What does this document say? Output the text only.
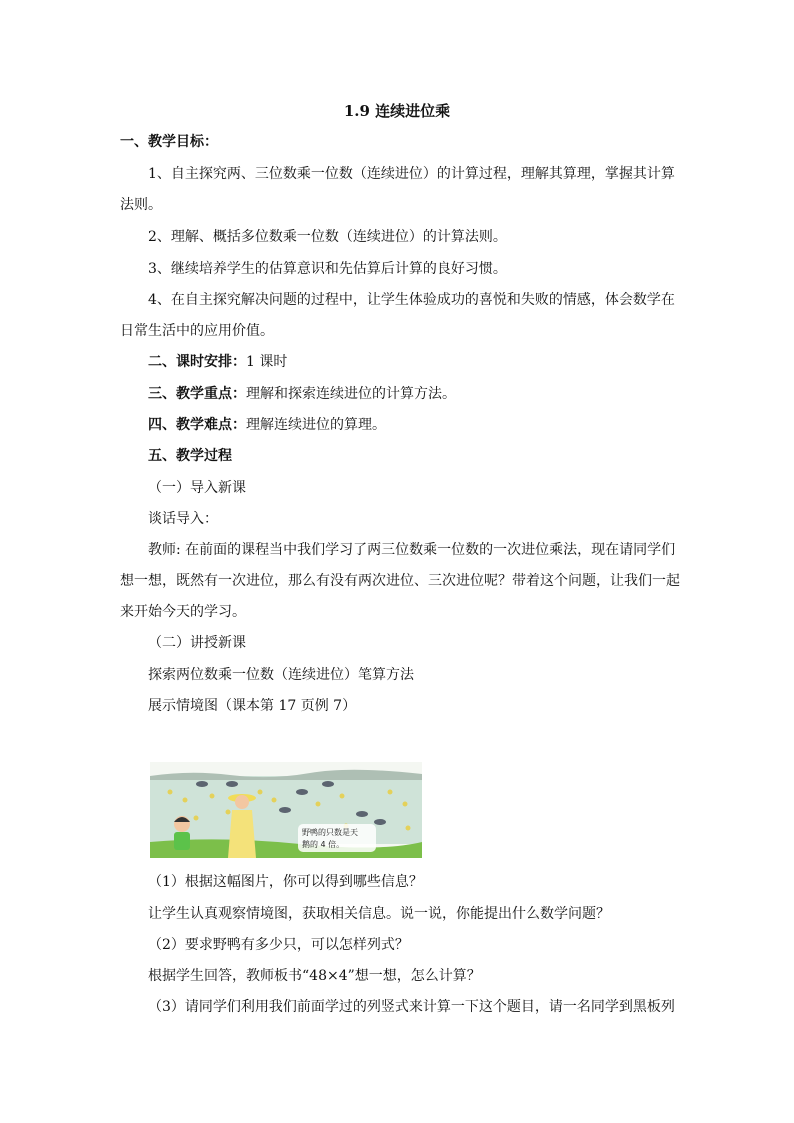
1.9 连续进位乘
一、教学目标：
1、自主探究两、三位数乘一位数（连续进位）的计算过程，理解其算理，掌握其计算
法则。
2、理解、概括多位数乘一位数（连续进位）的计算法则。
3、继续培养学生的估算意识和先估算后计算的良好习惯。
4、在自主探究解决问题的过程中，让学生体验成功的喜悦和失败的情感，体会数学在
日常生活中的应用价值。
二、课时安排：1 课时
三、教学重点：理解和探索连续进位的计算方法。
四、教学难点：理解连续进位的算理。
五、教学过程
（一）导入新课
谈话导入：
教师: 在前面的课程当中我们学习了两三位数乘一位数的一次进位乘法，现在请同学们
想一想，既然有一次进位，那么有没有两次进位、三次进位呢？带着这个问题，让我们一起
来开始今天的学习。
（二）讲授新课
探索两位数乘一位数（连续进位）笔算方法
展示情境图（课本第 17 页例 7）
野鸭的只数是天
鹅的 4 倍。
（1）根据这幅图片，你可以得到哪些信息？
让学生认真观察情境图，获取相关信息。说一说，你能提出什么数学问题？
（2）要求野鸭有多少只，可以怎样列式？
根据学生回答，教师板书“48×4”想一想，怎么计算？
（3）请同学们利用我们前面学过的列竖式来计算一下这个题目，请一名同学到黑板列
